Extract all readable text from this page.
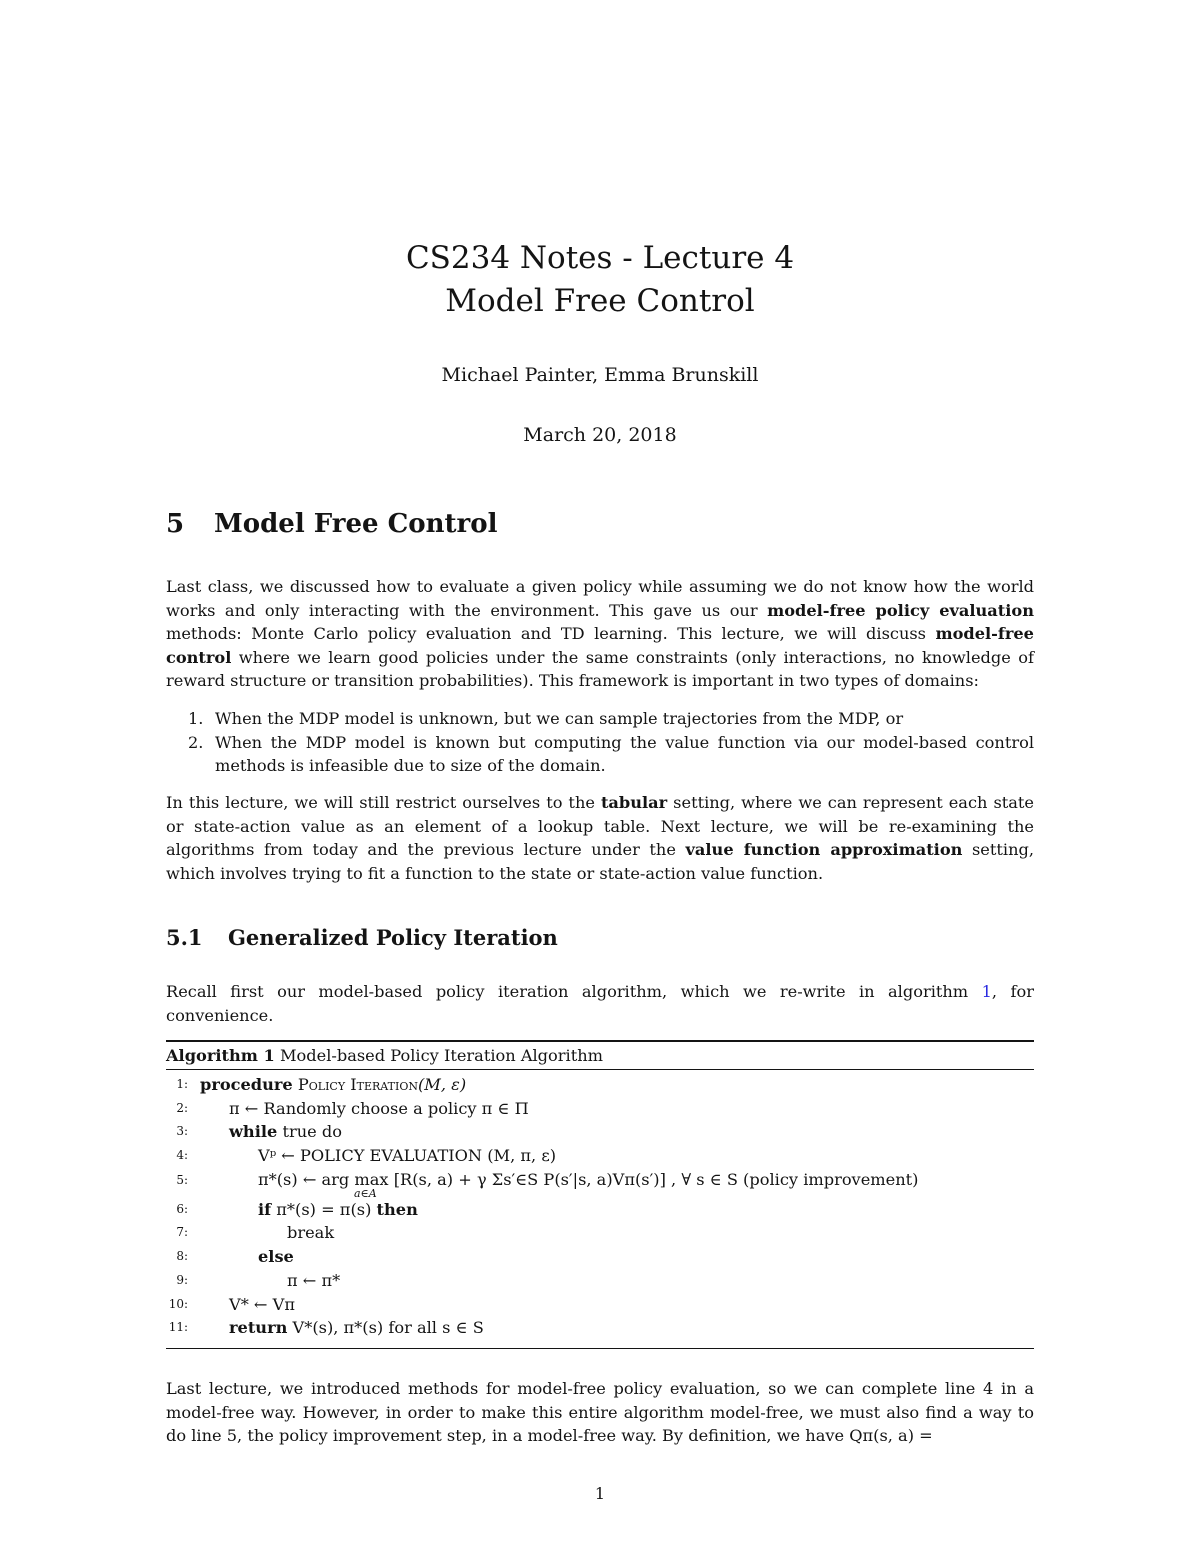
CS234 Notes - Lecture 4
Model Free Control
Michael Painter, Emma Brunskill
March 20, 2018
5 Model Free Control

Last class, we discussed how to evaluate a given policy while assuming we do not know how the world works and only interacting with the environment. This gave us our model-free policy evaluation methods: Monte Carlo policy evaluation and TD learning. This lecture, we will discuss model-free control where we learn good policies under the same constraints (only interactions, no knowledge of reward structure or transition probabilities). This framework is important in two types of domains:

1. When the MDP model is unknown, but we can sample trajectories from the MDP, or
2. When the MDP model is known but computing the value function via our model-based control methods is infeasible due to size of the domain.

In this lecture, we will still restrict ourselves to the tabular setting, where we can represent each state or state-action value as an element of a lookup table. Next lecture, we will be re-examining the algorithms from today and the previous lecture under the value function approximation setting, which involves trying to fit a function to the state or state-action value function.

5.1 Generalized Policy Iteration

Recall first our model-based policy iteration algorithm, which we re-write in algorithm 1, for convenience.

Algorithm 1 Model-based Policy Iteration Algorithm
1: procedure Policy Iteration(M, ε)
2:	π ← Randomly choose a policy π ∈ Π
3:	while true do
4:	Vᵖ ← POLICY EVALUATION (M, π, ε)
5:	π*(s) ← arg max [R(s, a) + γ Σs′∈S P(s′|s, a)Vπ(s′)] , ∀ s ∈ S (policy improvement)
a∈A
6:	if π*(s) = π(s) then
7:	break
8:	else
9:	π ← π*
10:	V* ← Vπ
11:	return V*(s), π*(s) for all s ∈ S

Last lecture, we introduced methods for model-free policy evaluation, so we can complete line 4 in a model-free way. However, in order to make this entire algorithm model-free, we must also find a way to do line 5, the policy improvement step, in a model-free way. By definition, we have Qπ(s, a) =

1
